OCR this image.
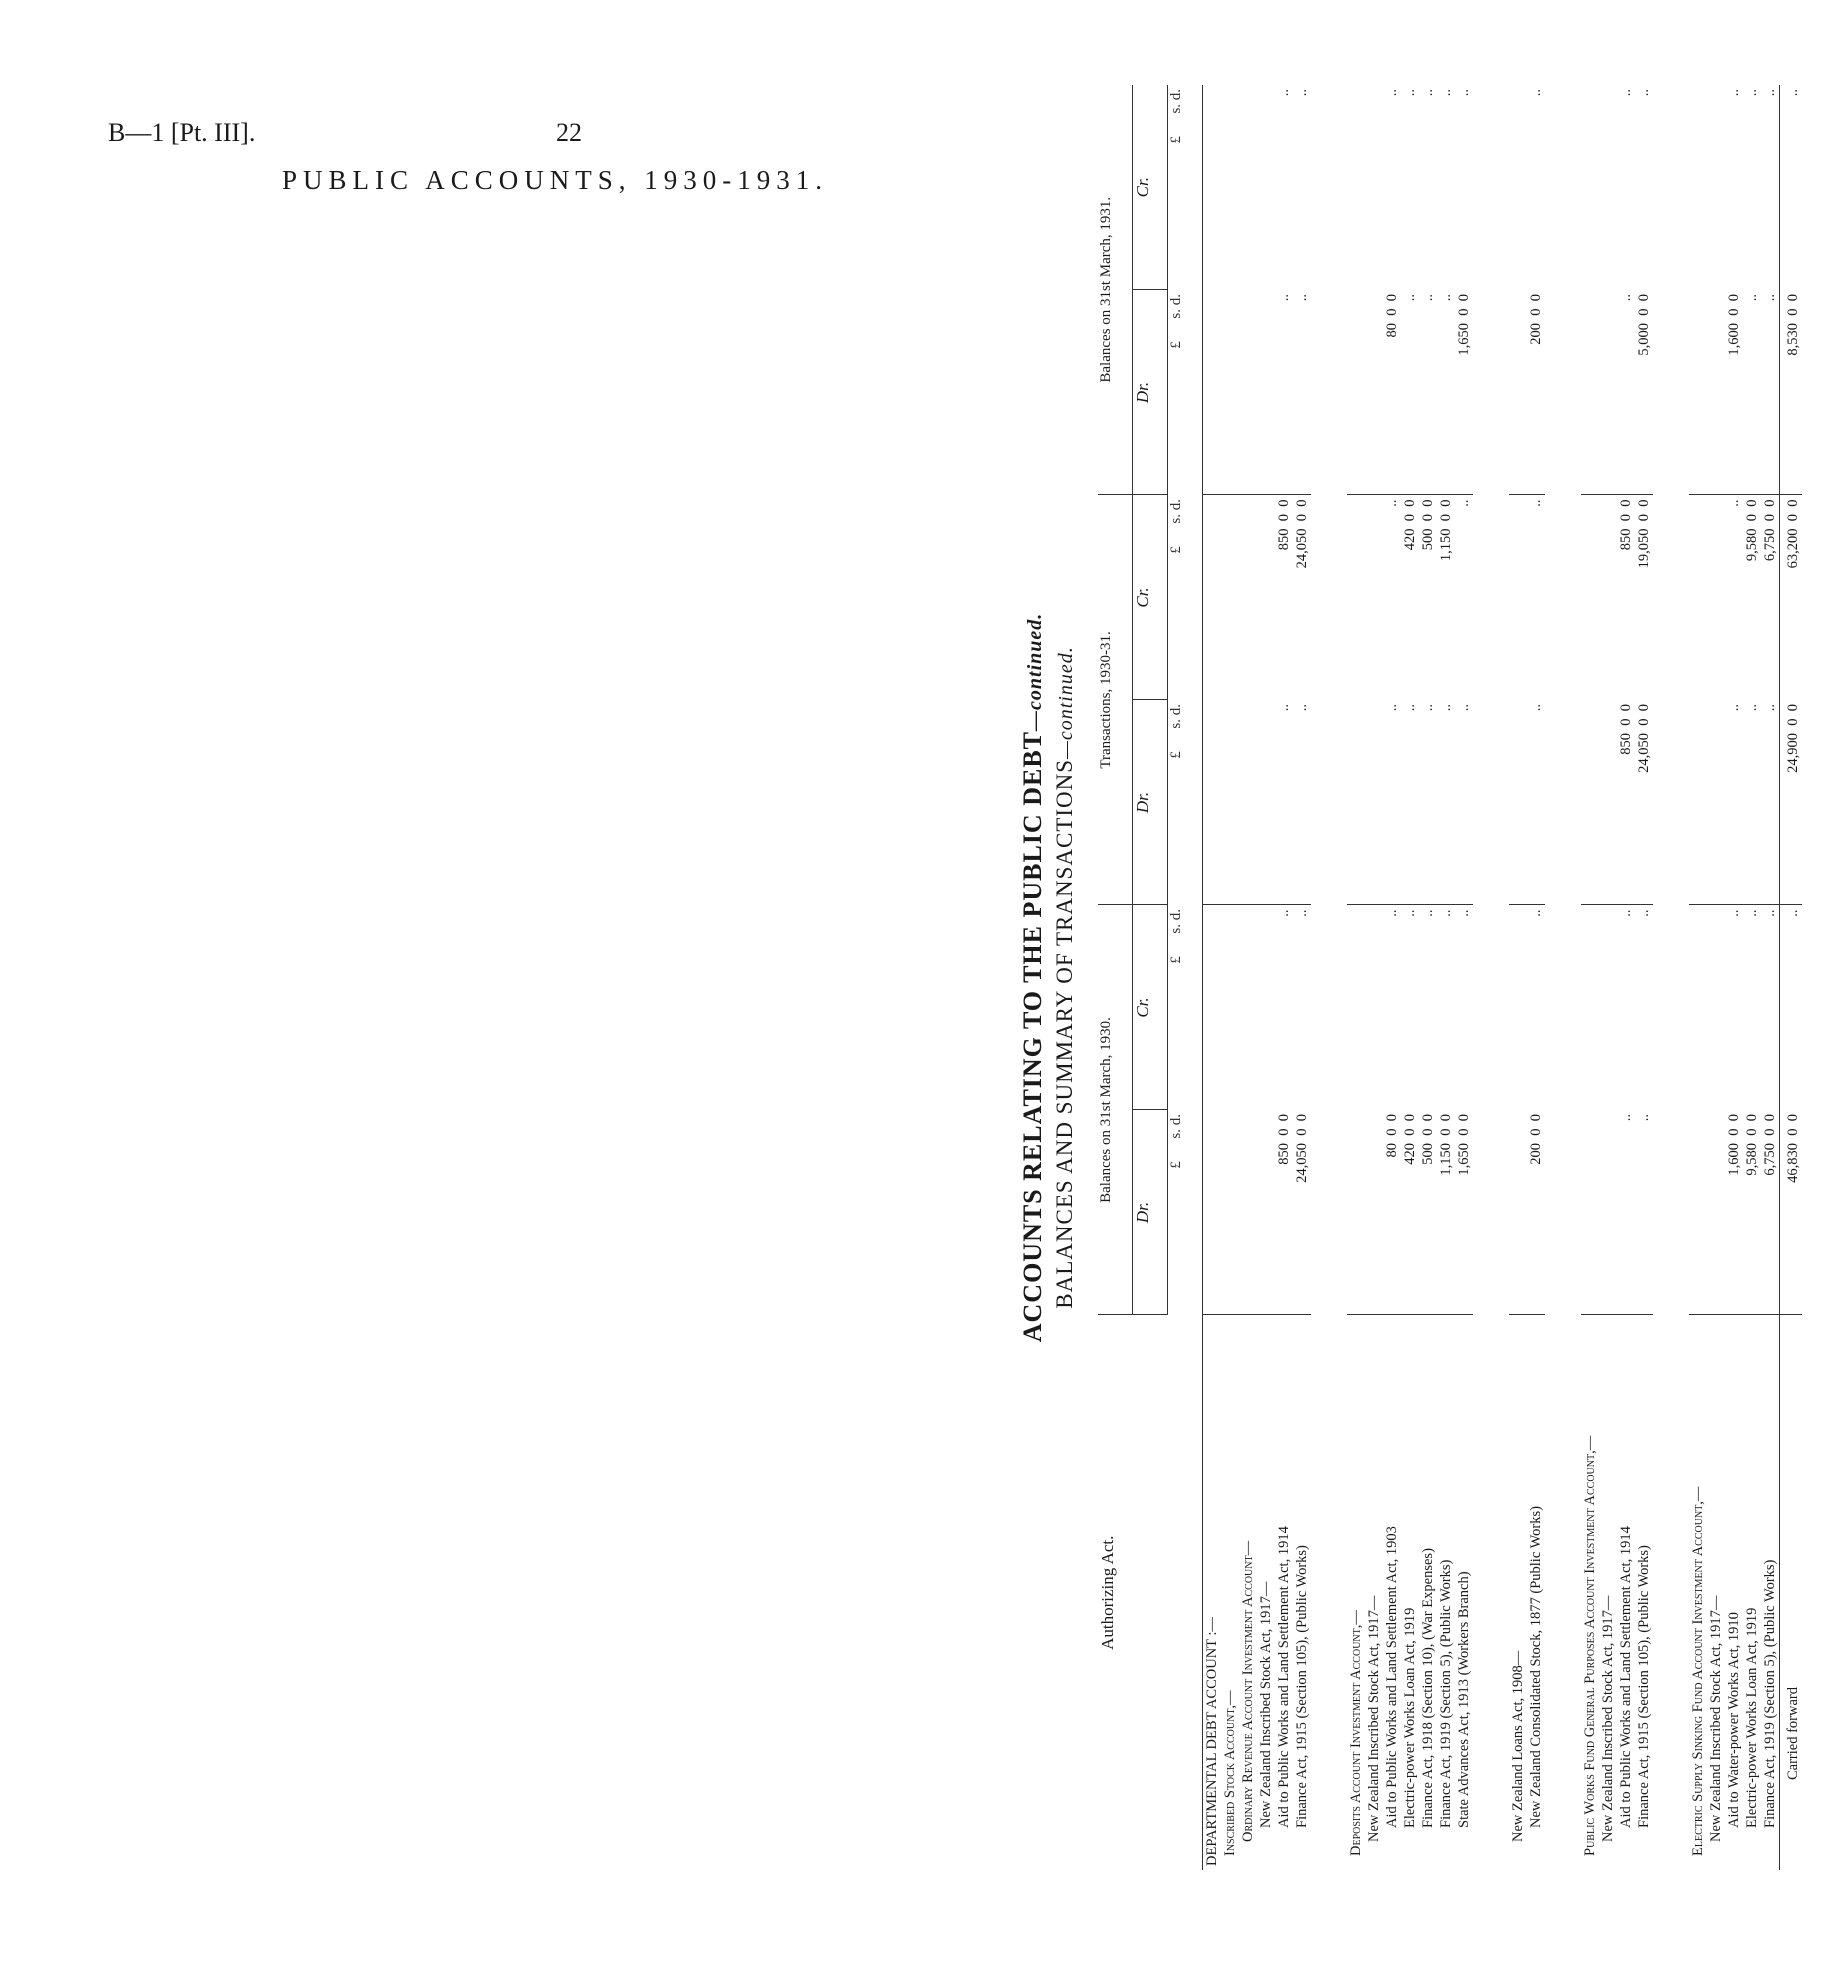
B—1 [Pt. III].	22
PUBLIC ACCOUNTS, 1930-1931.
ACCOUNTS RELATING TO THE PUBLIC DEBT—continued.
BALANCES AND SUMMARY OF TRANSACTIONS—continued.
Authorizing Act.	Balances on 31st March, 1930.		Transactions, 1930-31.		Balances on 31st March, 1931.	
	Dr.	Cr.	Dr.	Cr.	Dr.	Cr.
	£      s. d.	£      s. d.	£      s. d.	£      s. d.	£      s. d.	£      s. d.
DEPARTMENTAL DEBT ACCOUNT :—						
Inscribed Stock Account,—						
Ordinary Revenue Account Investment Account—						
New Zealand Inscribed Stock Act, 1917—						
Aid to Public Works and Land Settlement Act, 1914	850  0  0	..	..	850  0  0	..	..
Finance Act, 1915 (Section 105), (Public Works)	24,050  0  0	..	..	24,050  0  0	..	..

Deposits Account Investment Account,—						
New Zealand Inscribed Stock Act, 1917—						
Aid to Public Works and Land Settlement Act, 1903	80  0  0	..	..	..	80  0  0	..
Electric-power Works Loan Act, 1919	420  0  0	..	..	420  0  0	..	..
Finance Act, 1918 (Section 10), (War Expenses)	500  0  0	..	..	500  0  0	..	..
Finance Act, 1919 (Section 5), (Public Works)	1,150  0  0	..	..	1,150  0  0	..	..
State Advances Act, 1913 (Workers Branch)	1,650  0  0	..	..	..	1,650  0  0	..

New Zealand Loans Act, 1908—						
New Zealand Consolidated Stock, 1877 (Public Works)	200  0  0	..	..	..	200  0  0	..

Public Works Fund General Purposes Account Investment Account,—						
New Zealand Inscribed Stock Act, 1917—						
Aid to Public Works and Land Settlement Act, 1914	..	..	850  0  0	850  0  0	..	..
Finance Act, 1915 (Section 105), (Public Works)	..	..	24,050  0  0	19,050  0  0	5,000  0  0	..

Electric Supply Sinking Fund Account Investment Account,—						
New Zealand Inscribed Stock Act, 1917—						
Aid to Water-power Works Act, 1910	1,600  0  0	..	..	..	1,600  0  0	..
Electric-power Works Loan Act, 1919	9,580  0  0	..	..	9,580  0  0	..	..
Finance Act, 1919 (Section 5), (Public Works)	6,750  0  0	..	..	6,750  0  0	..	..
Carried forward	46,830  0  0	..	24,900  0  0	63,200  0  0	8,530  0  0	..
